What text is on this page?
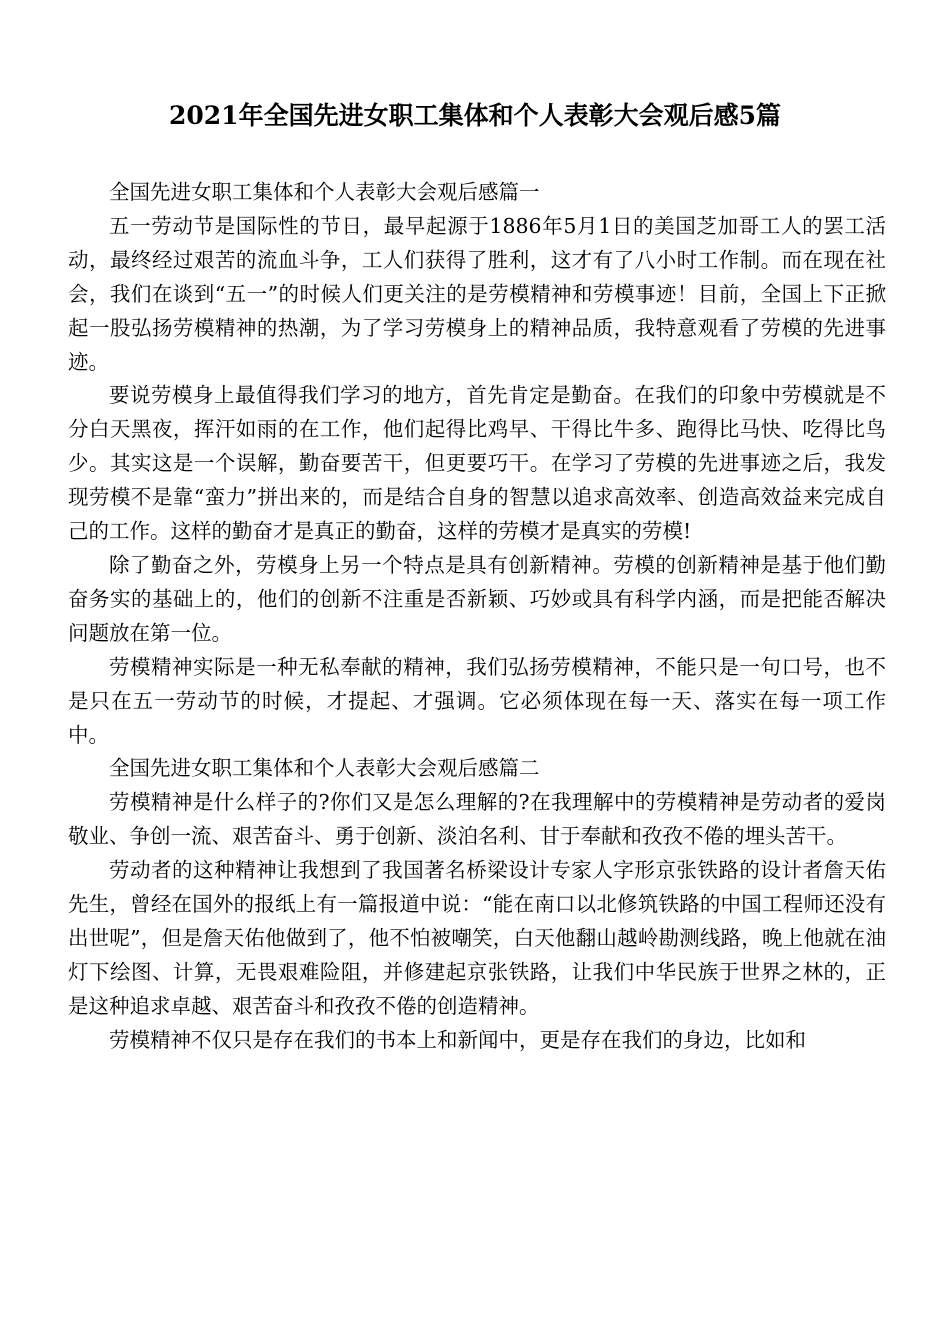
2021年全国先进女职工集体和个人表彰大会观后感5篇

全国先进女职工集体和个人表彰大会观后感篇一

五一劳动节是国际性的节日，最早起源于1886年5月1日的美国芝加哥工人的罢工活动，最终经过艰苦的流血斗争，工人们获得了胜利，这才有了八小时工作制。而在现在社会，我们在谈到“五一”的时候人们更关注的是劳模精神和劳模事迹！目前，全国上下正掀起一股弘扬劳模精神的热潮，为了学习劳模身上的精神品质，我特意观看了劳模的先进事迹。

要说劳模身上最值得我们学习的地方，首先肯定是勤奋。在我们的印象中劳模就是不分白天黑夜，挥汗如雨的在工作，他们起得比鸡早、干得比牛多、跑得比马快、吃得比鸟少。其实这是一个误解，勤奋要苦干，但更要巧干。在学习了劳模的先进事迹之后，我发现劳模不是靠“蛮力”拼出来的，而是结合自身的智慧以追求高效率、创造高效益来完成自己的工作。这样的勤奋才是真正的勤奋，这样的劳模才是真实的劳模!

除了勤奋之外，劳模身上另一个特点是具有创新精神。劳模的创新精神是基于他们勤奋务实的基础上的，他们的创新不注重是否新颖、巧妙或具有科学内涵，而是把能否解决问题放在第一位。

劳模精神实际是一种无私奉献的精神，我们弘扬劳模精神，不能只是一句口号，也不是只在五一劳动节的时候，才提起、才强调。它必须体现在每一天、落实在每一项工作中。

全国先进女职工集体和个人表彰大会观后感篇二

劳模精神是什么样子的?你们又是怎么理解的?在我理解中的劳模精神是劳动者的爱岗敬业、争创一流、艰苦奋斗、勇于创新、淡泊名利、甘于奉献和孜孜不倦的埋头苦干。

劳动者的这种精神让我想到了我国著名桥梁设计专家人字形京张铁路的设计者詹天佑先生，曾经在国外的报纸上有一篇报道中说：“能在南口以北修筑铁路的中国工程师还没有出世呢”，但是詹天佑他做到了，他不怕被嘲笑，白天他翻山越岭勘测线路，晚上他就在油灯下绘图、计算，无畏艰难险阻，并修建起京张铁路，让我们中华民族于世界之林的，正是这种追求卓越、艰苦奋斗和孜孜不倦的创造精神。

劳模精神不仅只是存在我们的书本上和新闻中，更是存在我们的身边，比如和
